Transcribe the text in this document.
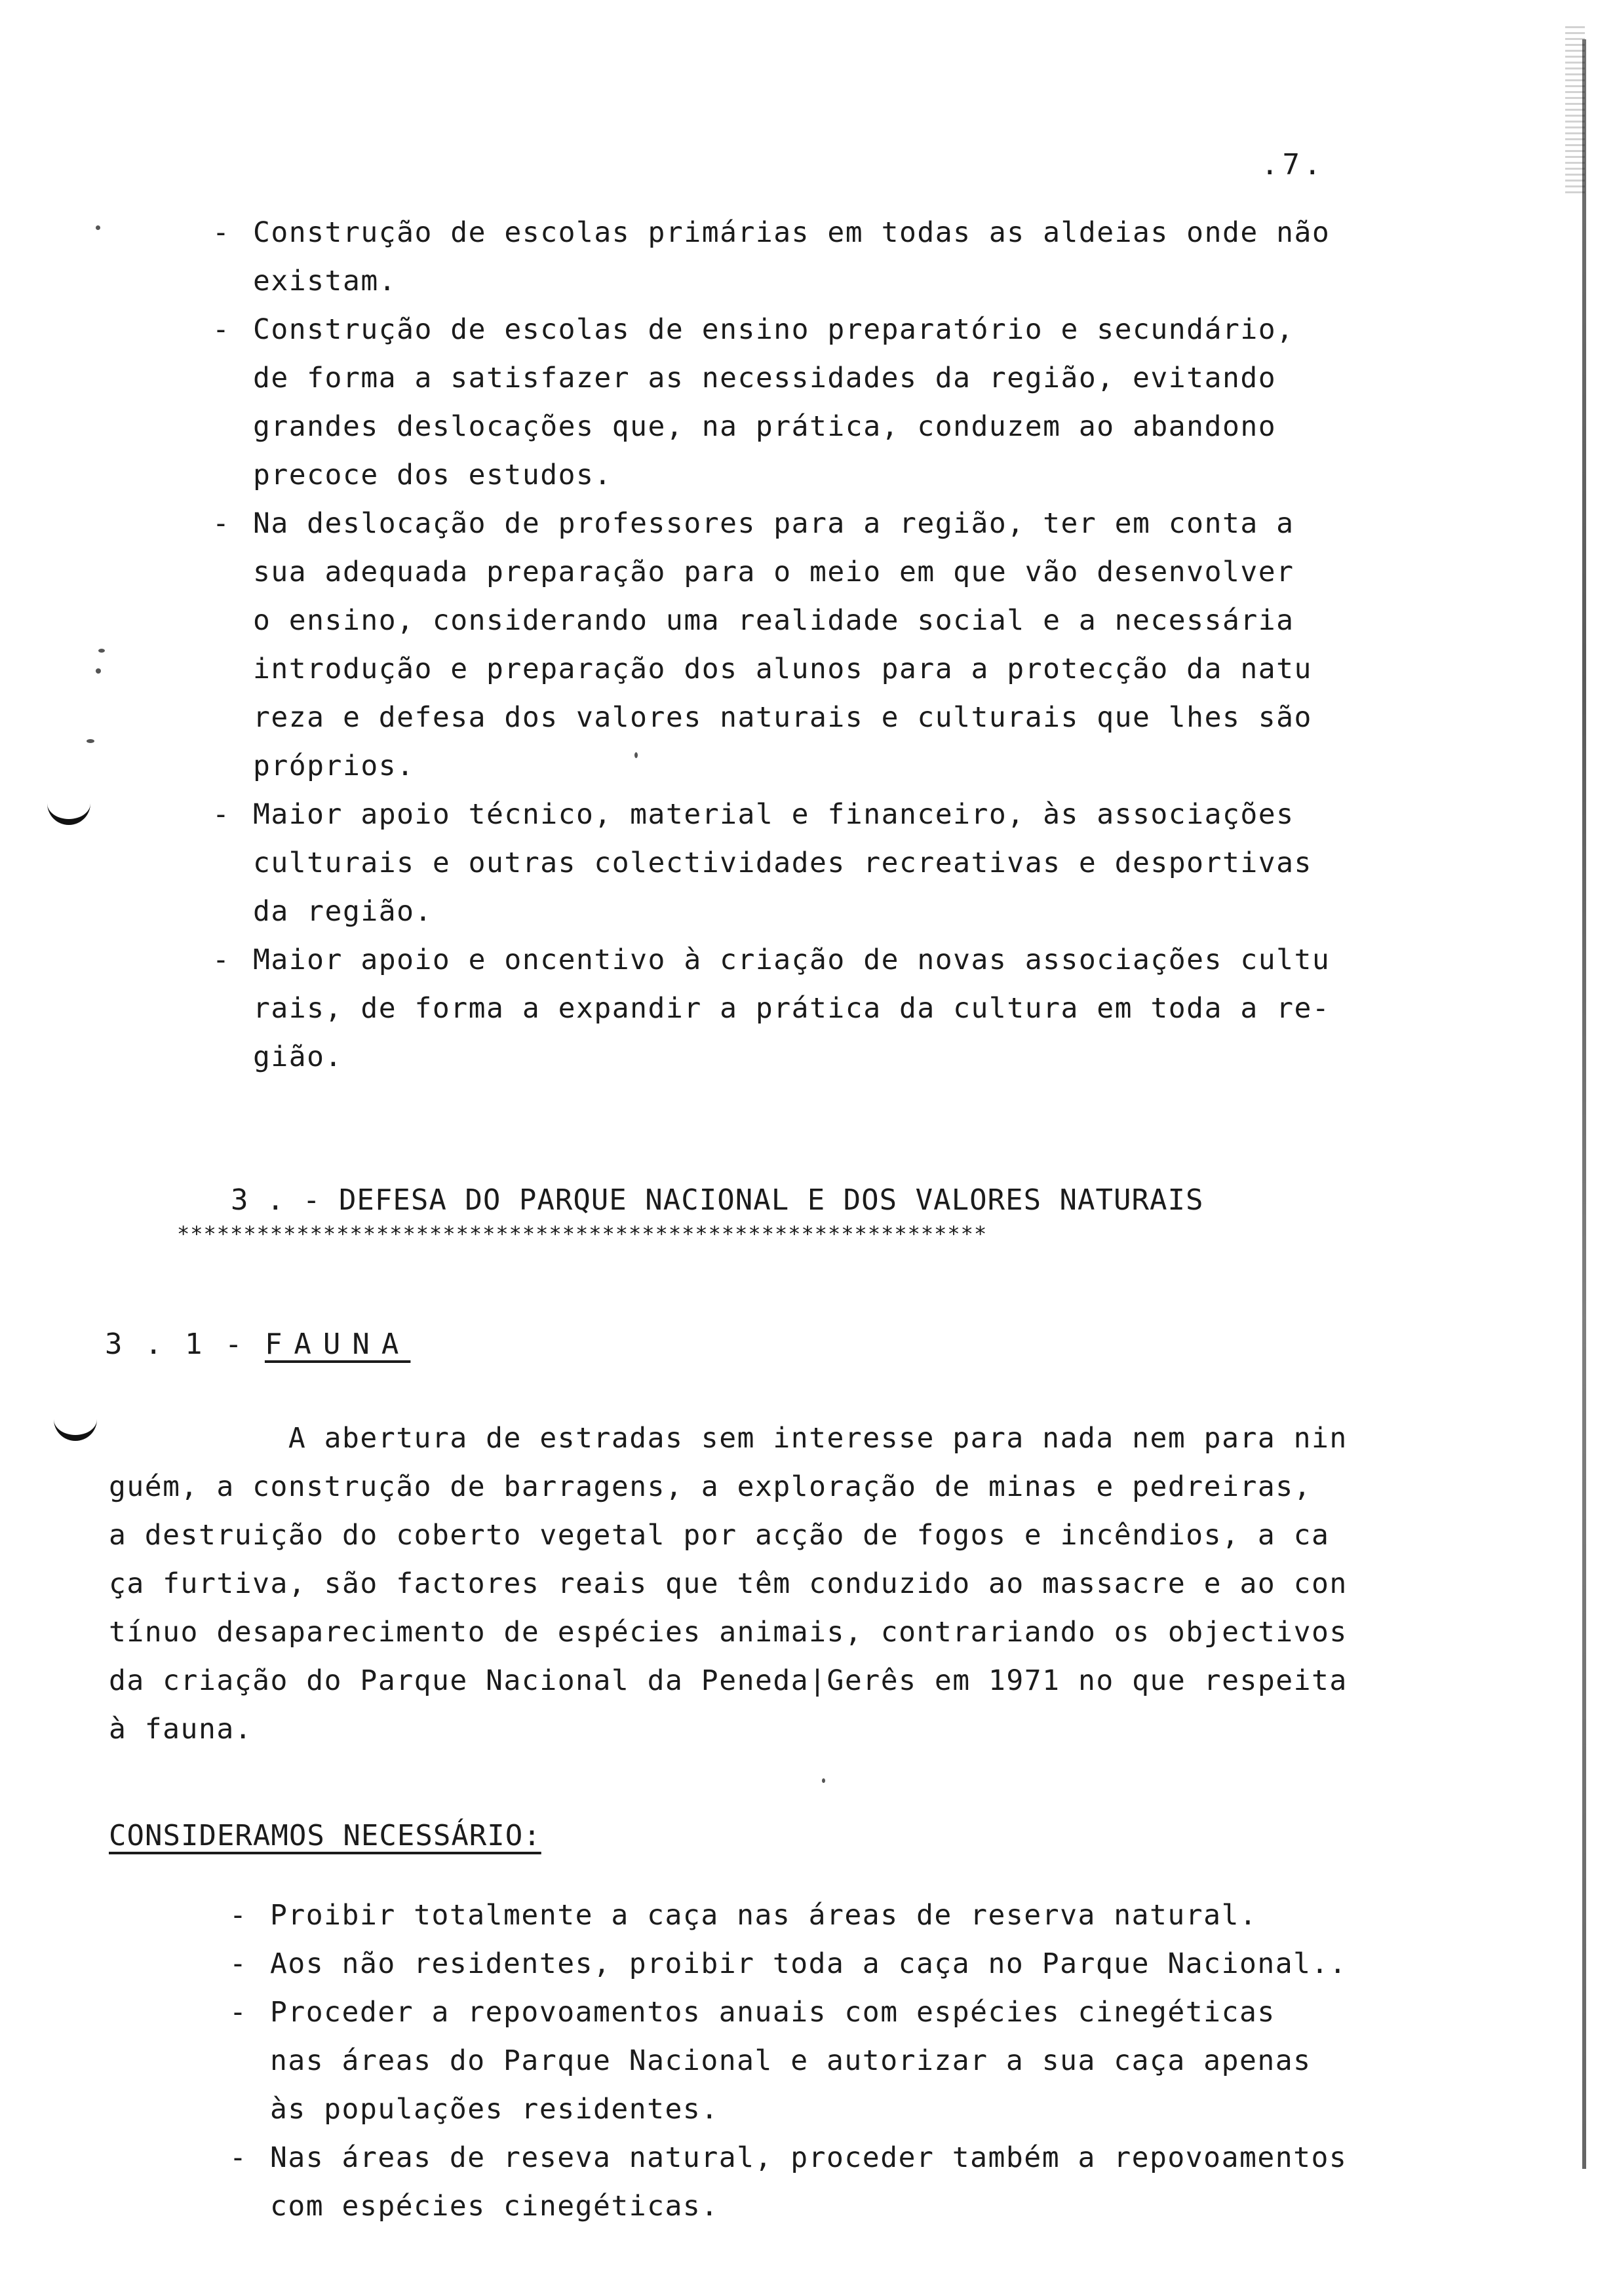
.7.
- Construção de escolas primárias em todas as aldeias onde não
existam.
- Construção de escolas de ensino preparatório e secundário,
de forma a satisfazer as necessidades da região, evitando
grandes deslocações que, na prática, conduzem ao abandono
precoce dos estudos.
- Na deslocação de professores para a região, ter em conta a
sua adequada preparação para o meio em que vão desenvolver
o ensino, considerando uma realidade social e a necessária
introdução e preparação dos alunos para a protecção da natu
reza e defesa dos valores naturais e culturais que lhes são
próprios.
- Maior apoio técnico, material e financeiro, às associações
culturais e outras colectividades recreativas e desportivas
da região.
- Maior apoio e oncentivo à criação de novas associações cultu
rais, de forma a expandir a prática da cultura em toda a re-
gião.
3 . - DEFESA DO PARQUE NACIONAL E DOS VALORES NATURAIS
*************************************************************
3 . 1 - FAUNA
A abertura de estradas sem interesse para nada nem para nin
guém, a construção de barragens, a exploração de minas e pedreiras,
a destruição do coberto vegetal por acção de fogos e incêndios, a ca
ça furtiva, são factores reais que têm conduzido ao massacre e ao con
tínuo desaparecimento de espécies animais, contrariando os objectivos
da criação do Parque Nacional da Peneda|Gerês em 1971 no que respeita
à fauna.
CONSIDERAMOS NECESSÁRIO:
- Proibir totalmente a caça nas áreas de reserva natural.
- Aos não residentes, proibir toda a caça no Parque Nacional..
- Proceder a repovoamentos anuais com espécies cinegéticas
nas áreas do Parque Nacional e autorizar a sua caça apenas
às populações residentes.
- Nas áreas de reseva natural, proceder também a repovoamentos
com espécies cinegéticas.
